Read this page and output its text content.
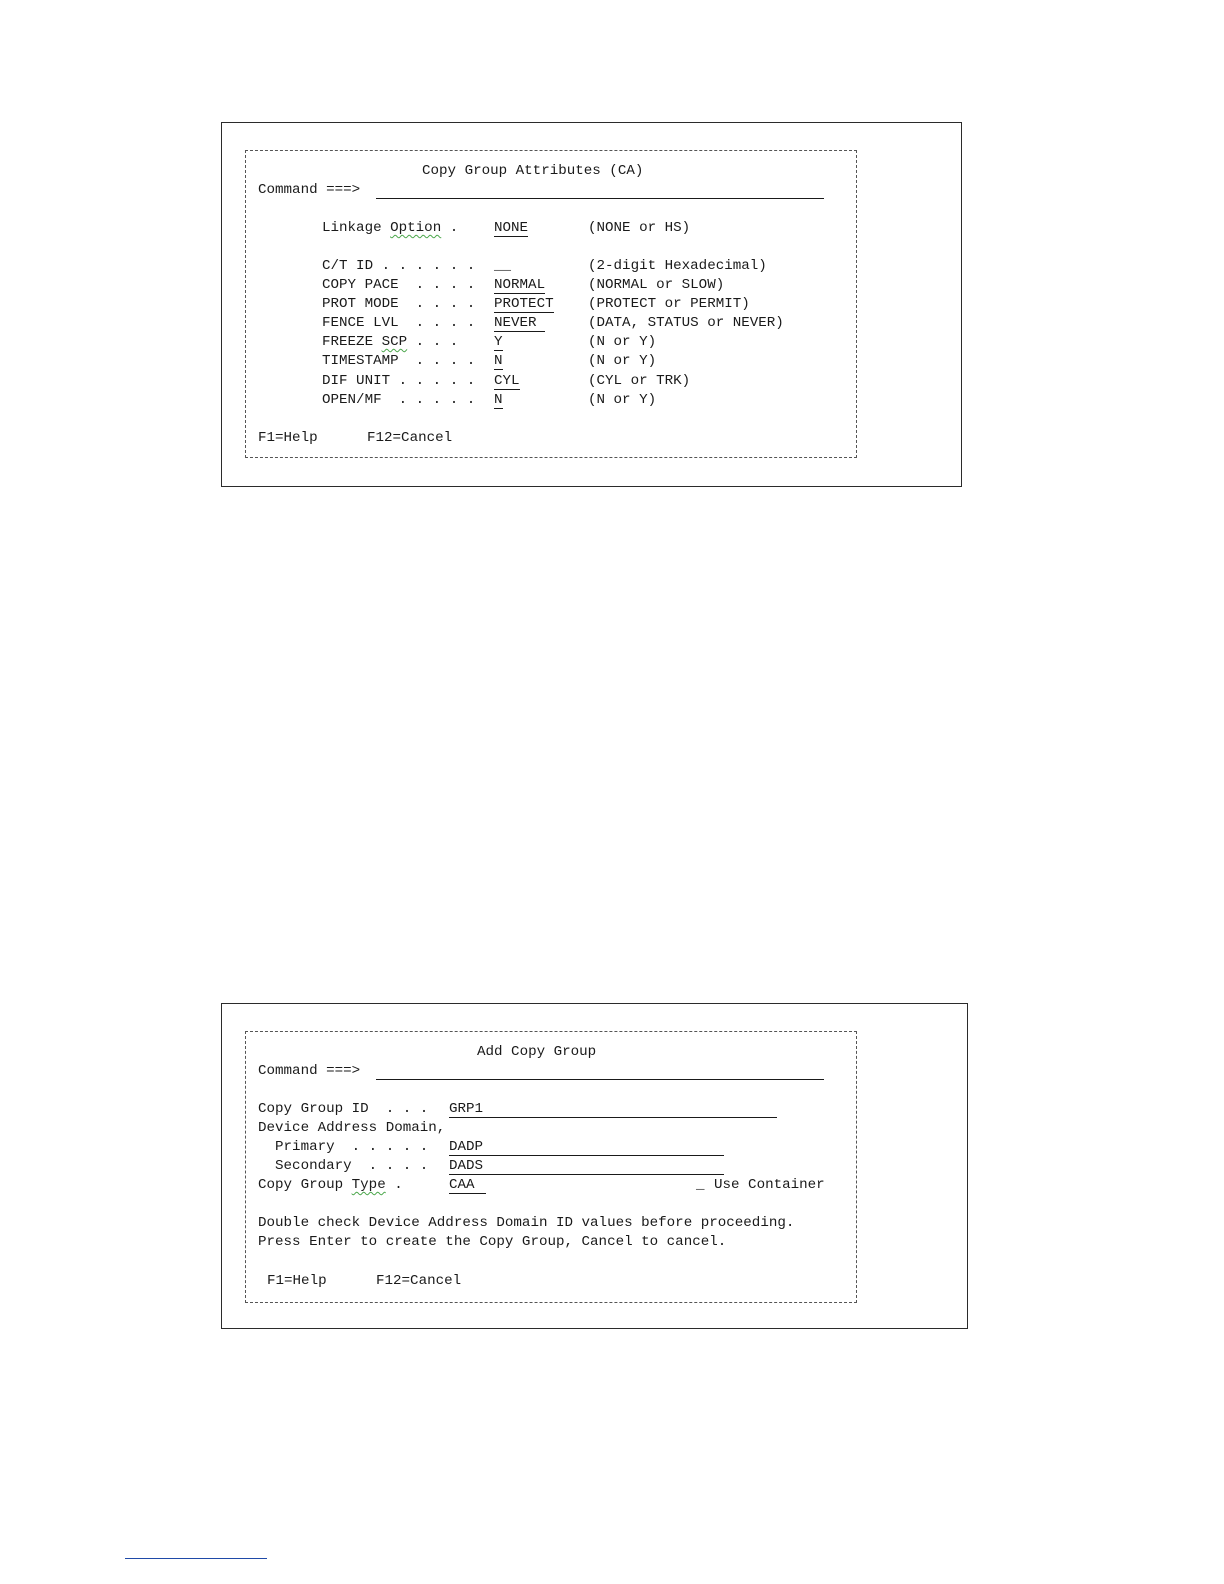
Copy Group Attributes (CA)
Command ===>
Linkage Option . NONE	(NONE or HS)
C/T ID . . . . . . __	(2-digit Hexadecimal)
COPY PACE  . . . . NORMAL	(NORMAL or SLOW)
PROT MODE  . . . . PROTECT (PROTECT or PERMIT)
FENCE LVL  . . . . NEVER	(DATA, STATUS or NEVER)
FREEZE SCP . . . Y	(N or Y)
TIMESTAMP  . . . . N	(N or Y)
DIF UNIT . . . . . CYL	(CYL or TRK)
OPEN/MF  . . . . . N	(N or Y)
F1=Help	F12=Cancel
Add Copy Group
Command ===>
Copy Group ID  . . . GRP1
Device Address Domain,
Primary  . . . . . DADP
Secondary  . . . . DADS
Copy Group Type .	CAA	_ Use Container
Double check Device Address Domain ID values before proceeding.
Press Enter to create the Copy Group, Cancel to cancel.
F1=Help	F12=Cancel
